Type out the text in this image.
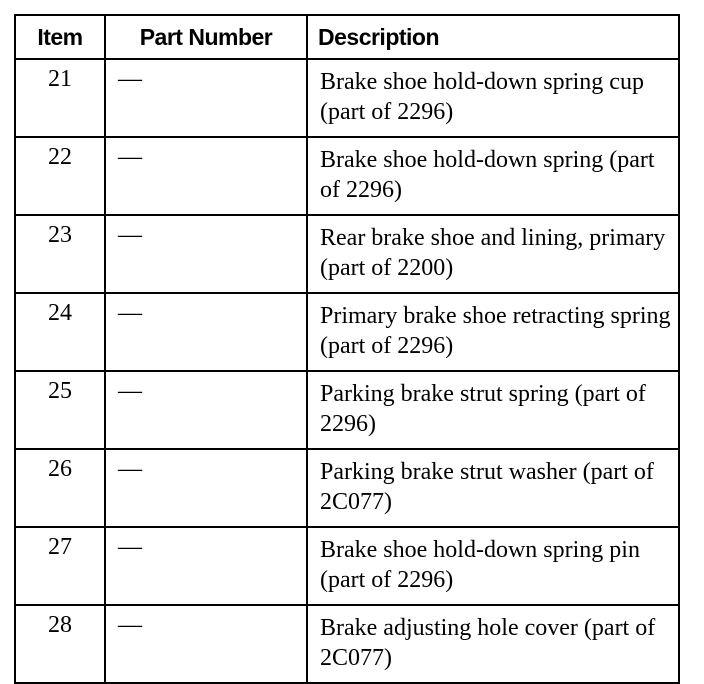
Item	Part Number	Description
21	—	Brake shoe hold-down spring cup (part of 2296)
22	—	Brake shoe hold-down spring (part of 2296)
23	—	Rear brake shoe and lining, primary (part of 2200)
24	—	Primary brake shoe retracting spring (part of 2296)
25	—	Parking brake strut spring (part of 2296)
26	—	Parking brake strut washer (part of 2C077)
27	—	Brake shoe hold-down spring pin (part of 2296)
28	—	Brake adjusting hole cover (part of 2C077)
